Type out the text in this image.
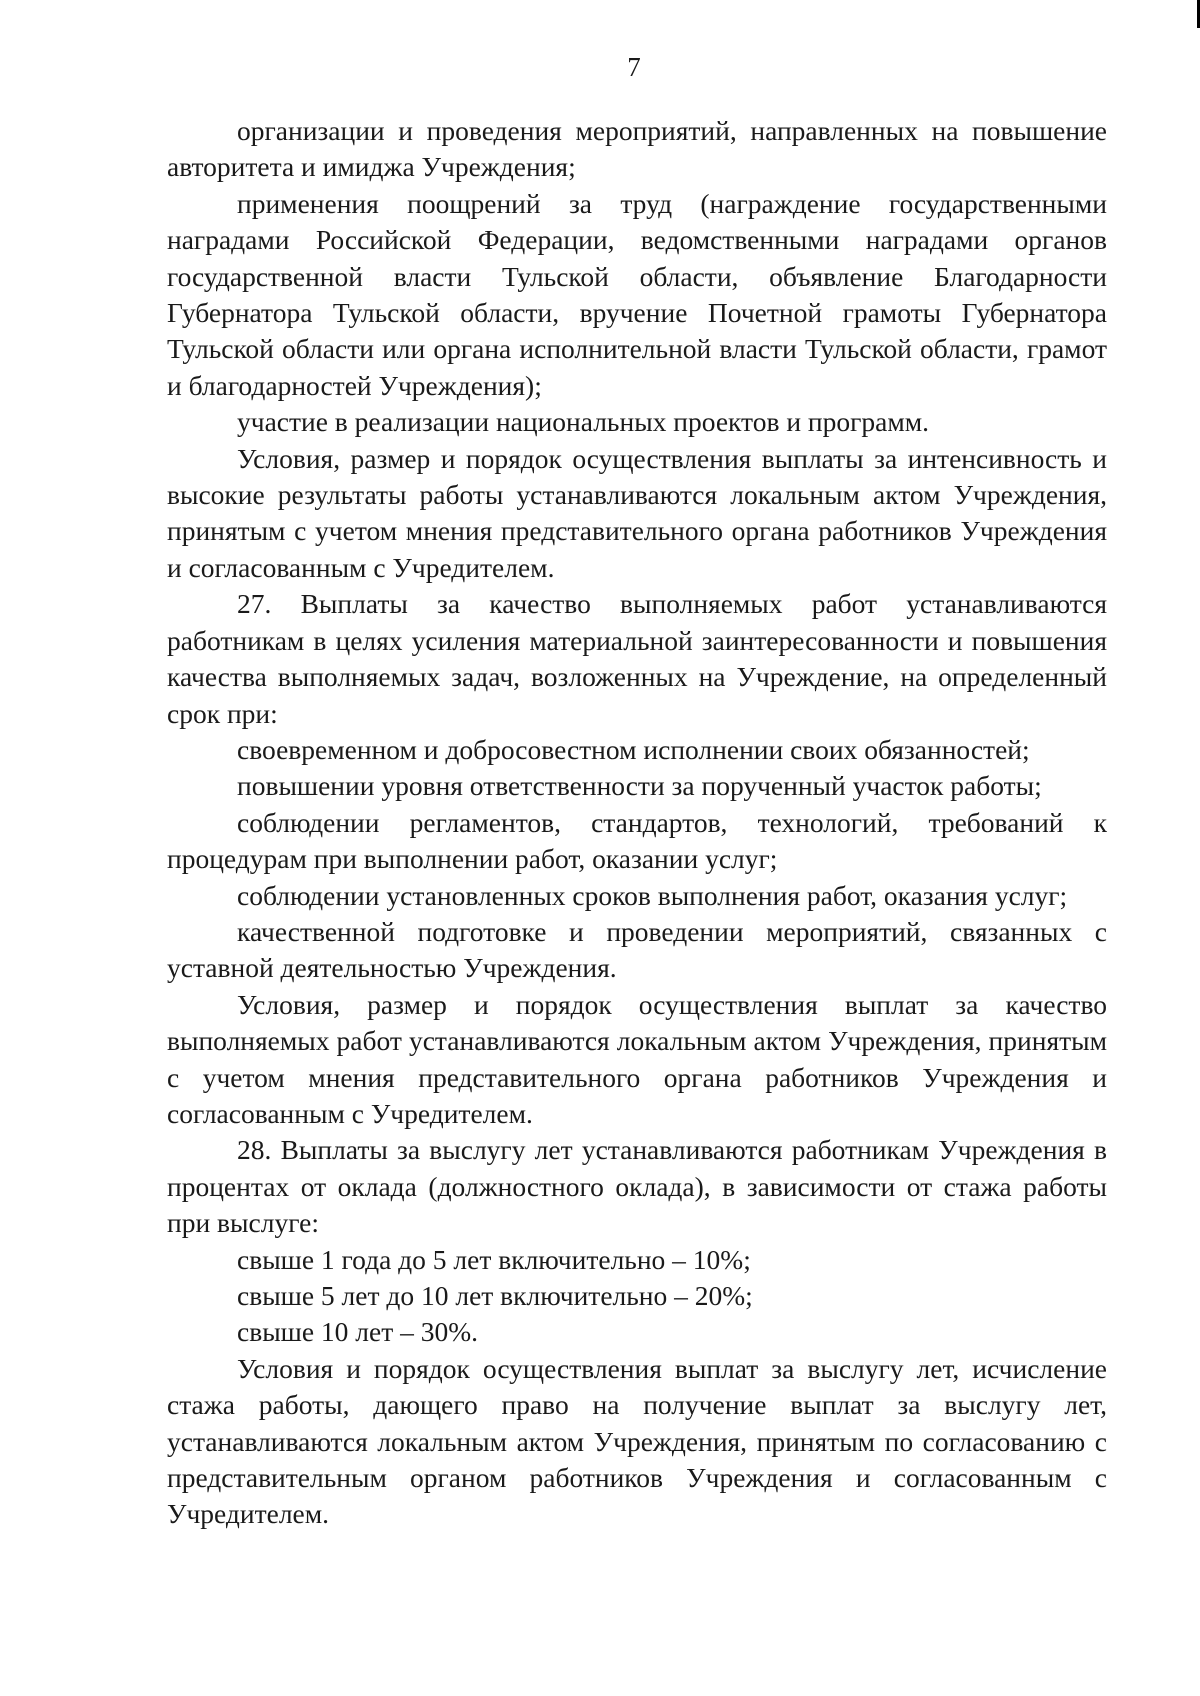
7

организации и проведения мероприятий, направленных на повышение авторитета и имиджа Учреждения;

применения поощрений за труд (награждение государственными наградами Российской Федерации, ведомственными наградами органов государственной власти Тульской области, объявление Благодарности Губернатора Тульской области, вручение Почетной грамоты Губернатора Тульской области или органа исполнительной власти Тульской области, грамот и благодарностей Учреждения);

участие в реализации национальных проектов и программ.

Условия, размер и порядок осуществления выплаты за интенсивность и высокие результаты работы устанавливаются локальным актом Учреждения, принятым с учетом мнения представительного органа работников Учреждения и согласованным с Учредителем.

27. Выплаты за качество выполняемых работ устанавливаются работникам в целях усиления материальной заинтересованности и повышения качества выполняемых задач, возложенных на Учреждение, на определенный срок при:

своевременном и добросовестном исполнении своих обязанностей;

повышении уровня ответственности за порученный участок работы;

соблюдении регламентов, стандартов, технологий, требований к процедурам при выполнении работ, оказании услуг;

соблюдении установленных сроков выполнения работ, оказания услуг;

качественной подготовке и проведении мероприятий, связанных с уставной деятельностью Учреждения.

Условия, размер и порядок осуществления выплат за качество выполняемых работ устанавливаются локальным актом Учреждения, принятым с учетом мнения представительного органа работников Учреждения и согласованным с Учредителем.

28. Выплаты за выслугу лет устанавливаются работникам Учреждения в процентах от оклада (должностного оклада), в зависимости от стажа работы при выслуге:

свыше 1 года до 5 лет включительно – 10%;

свыше 5 лет до 10 лет включительно – 20%;

свыше 10 лет – 30%.

Условия и порядок осуществления выплат за выслугу лет, исчисление стажа работы, дающего право на получение выплат за выслугу лет, устанавливаются локальным актом Учреждения, принятым по согласованию с представительным органом работников Учреждения и согласованным с Учредителем.
